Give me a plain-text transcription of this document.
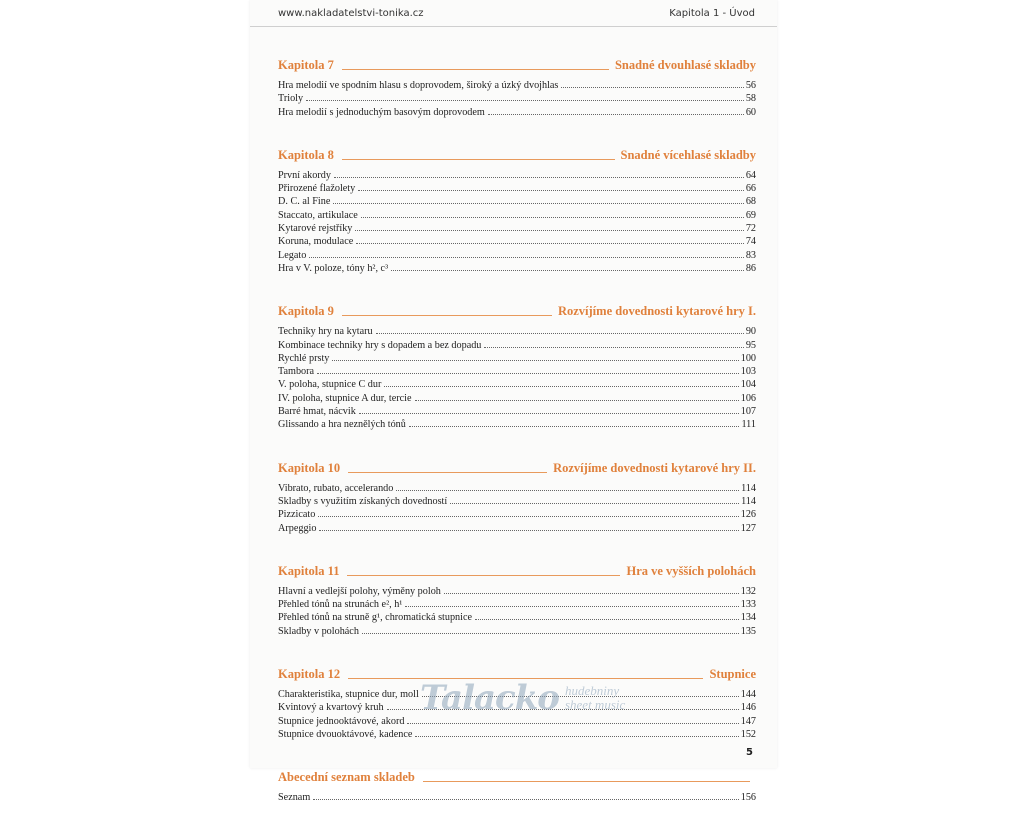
www.nakladatelstvi-tonika.cz	Kapitola 1 - Úvod
Kapitola 7	Snadné dvouhlasé skladby
Hra melodií ve spodním hlasu s doprovodem, široký a úzký dvojhlas	56
Trioly	58
Hra melodií s jednoduchým basovým doprovodem	60
Kapitola 8	Snadné vícehlasé skladby
První akordy	64
Přirozené flažolety	66
D. C. al Fine	68
Staccato, artikulace	69
Kytarové rejstříky	72
Koruna, modulace	74
Legato	83
Hra v V. poloze, tóny h², c³	86
Kapitola 9	Rozvíjíme dovednosti kytarové hry I.
Techniky hry na kytaru	90
Kombinace techniky hry s dopadem a bez dopadu	95
Rychlé prsty	100
Tambora	103
V. poloha, stupnice C dur	104
IV. poloha, stupnice A dur, tercie	106
Barré hmat, nácvik	107
Glissando a hra neznělých tónů	111
Kapitola 10	Rozvíjíme dovednosti kytarové hry II.
Vibrato, rubato, accelerando	114
Skladby s využitím získaných dovedností	114
Pizzicato	126
Arpeggio	127
Kapitola 11	Hra ve vyšších polohách
Hlavní a vedlejší polohy, výměny poloh	132
Přehled tónů na strunách e², h¹	133
Přehled tónů na struně g¹, chromatická stupnice	134
Skladby v polohách	135
Kapitola 12	Stupnice
Charakteristika, stupnice dur, moll	144
Kvintový a kvartový kruh	146
Stupnice jednooktávové, akord	147
Stupnice dvouoktávové, kadence	152
Abecední seznam skladeb
Seznam	156
5
Talacko hudebniny
sheet music
